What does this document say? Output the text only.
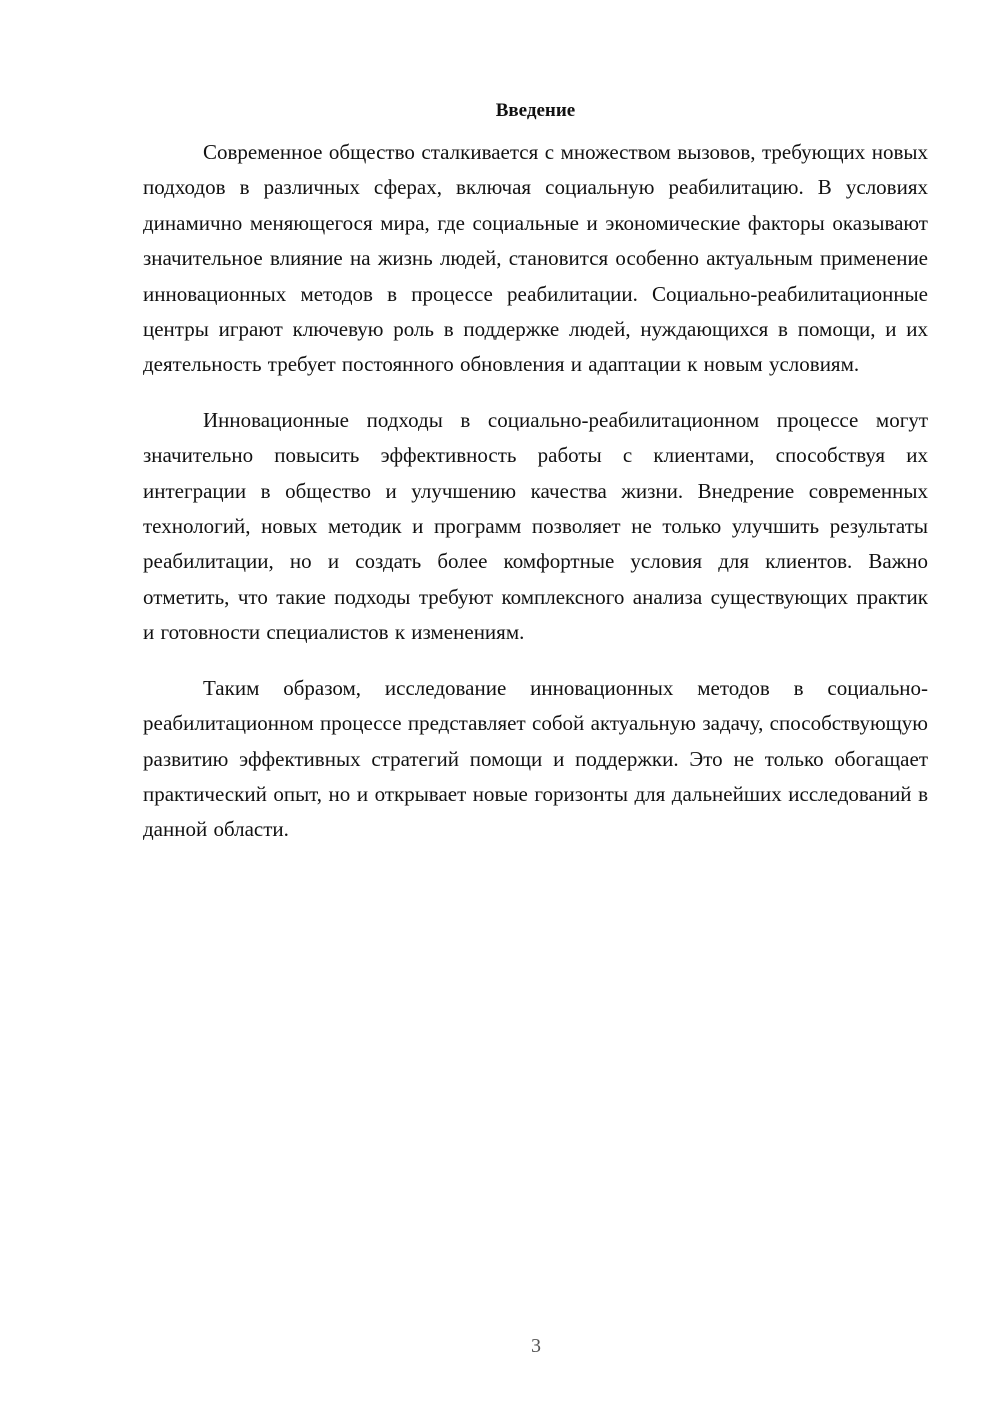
Введение

Современное общество сталкивается с множеством вызовов, требующих новых подходов в различных сферах, включая социальную реабилитацию. В условиях динамично меняющегося мира, где социальные и экономические факторы оказывают значительное влияние на жизнь людей, становится особенно актуальным применение инновационных методов в процессе реабилитации. Социально-реабилитационные центры играют ключевую роль в поддержке людей, нуждающихся в помощи, и их деятельность требует постоянного обновления и адаптации к новым условиям.

Инновационные подходы в социально-реабилитационном процессе могут значительно повысить эффективность работы с клиентами, способствуя их интеграции в общество и улучшению качества жизни. Внедрение современных технологий, новых методик и программ позволяет не только улучшить результаты реабилитации, но и создать более комфортные условия для клиентов. Важно отметить, что такие подходы требуют комплексного анализа существующих практик и готовности специалистов к изменениям.

Таким образом, исследование инновационных методов в социально-реабилитационном процессе представляет собой актуальную задачу, способствующую развитию эффективных стратегий помощи и поддержки. Это не только обогащает практический опыт, но и открывает новые горизонты для дальнейших исследований в данной области.

3
